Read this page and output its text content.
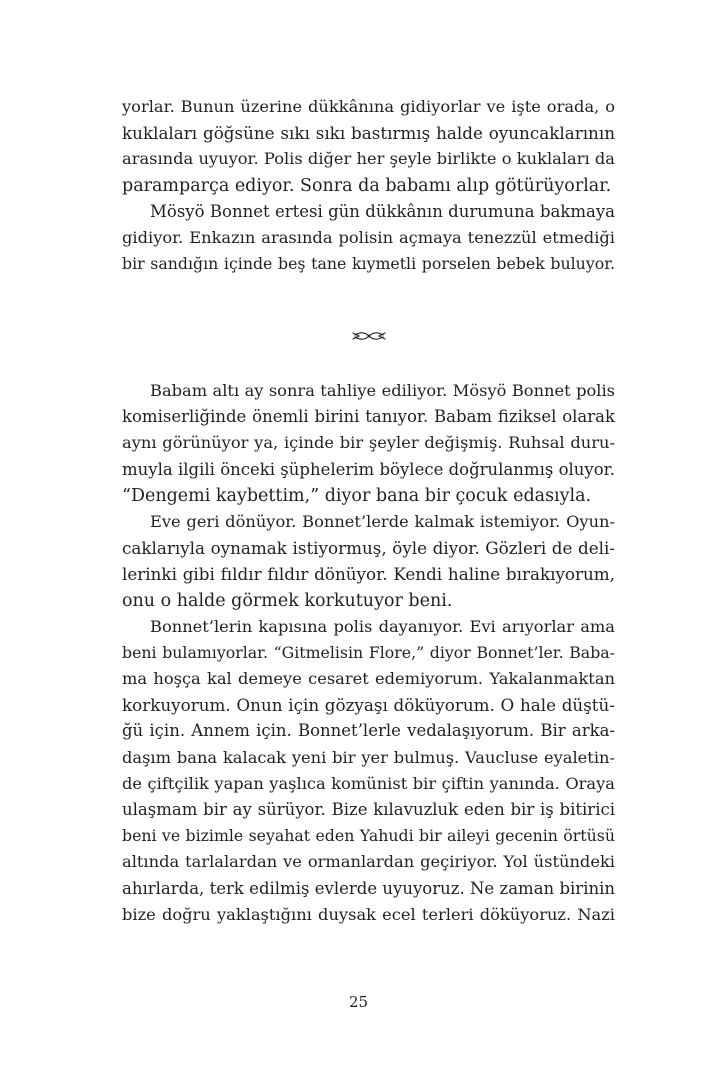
yorlar. Bunun üzerine dükkânına gidiyorlar ve işte orada, o
kuklaları göğsüne sıkı sıkı bastırmış halde oyuncaklarının
arasında uyuyor. Polis diğer her şeyle birlikte o kuklaları da
paramparça ediyor. Sonra da babamı alıp götürüyorlar.
Mösyö Bonnet ertesi gün dükkânın durumuna bakmaya
gidiyor. Enkazın arasında polisin açmaya tenezzül etmediği
bir sandığın içinde beş tane kıymetli porselen bebek buluyor.
Babam altı ay sonra tahliye ediliyor. Mösyö Bonnet polis
komiserliğinde önemli birini tanıyor. Babam fiziksel olarak
aynı görünüyor ya, içinde bir şeyler değişmiş. Ruhsal duru-
muyla ilgili önceki şüphelerim böylece doğrulanmış oluyor.
“Dengemi kaybettim,” diyor bana bir çocuk edasıyla.
Eve geri dönüyor. Bonnet’lerde kalmak istemiyor. Oyun-
caklarıyla oynamak istiyormuş, öyle diyor. Gözleri de deli-
lerinki gibi fıldır fıldır dönüyor. Kendi haline bırakıyorum,
onu o halde görmek korkutuyor beni.
Bonnet’lerin kapısına polis dayanıyor. Evi arıyorlar ama
beni bulamıyorlar. “Gitmelisin Flore,” diyor Bonnet’ler. Baba-
ma hoşça kal demeye cesaret edemiyorum. Yakalanmaktan
korkuyorum. Onun için gözyaşı döküyorum. O hale düştü-
ğü için. Annem için. Bonnet’lerle vedalaşıyorum. Bir arka-
daşım bana kalacak yeni bir yer bulmuş. Vaucluse eyaletin-
de çiftçilik yapan yaşlıca komünist bir çiftin yanında. Oraya
ulaşmam bir ay sürüyor. Bize kılavuzluk eden bir iş bitirici
beni ve bizimle seyahat eden Yahudi bir aileyi gecenin örtüsü
altında tarlalardan ve ormanlardan geçiriyor. Yol üstündeki
ahırlarda, terk edilmiş evlerde uyuyoruz. Ne zaman birinin
bize doğru yaklaştığını duysak ecel terleri döküyoruz. Nazi
25
